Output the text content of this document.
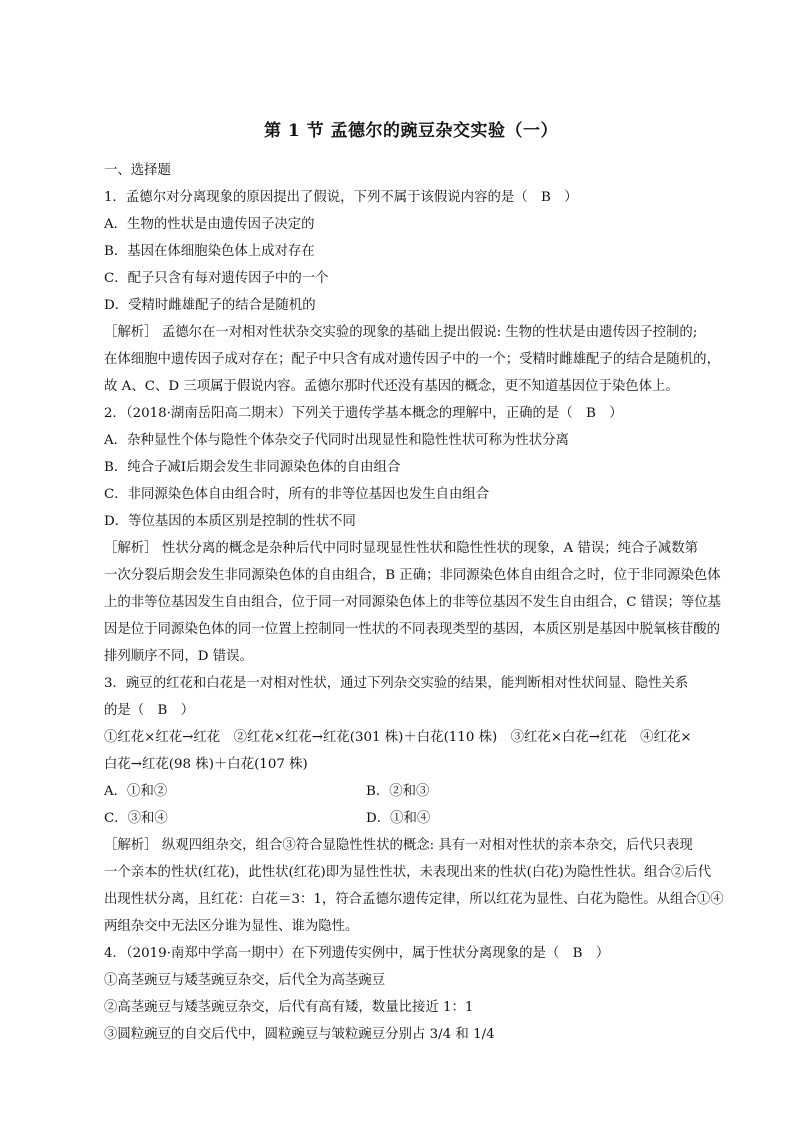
第 1 节 孟德尔的豌豆杂交实验（一）
一、选择题
1．孟德尔对分离现象的原因提出了假说，下列不属于该假说内容的是（　B　）
A．生物的性状是由遗传因子决定的
B．基因在体细胞染色体上成对存在
C．配子只含有每对遗传因子中的一个
D．受精时雌雄配子的结合是随机的
［解析］ 孟德尔在一对相对性状杂交实验的现象的基础上提出假说: 生物的性状是由遗传因子控制的;
在体细胞中遗传因子成对存在；配子中只含有成对遗传因子中的一个；受精时雌雄配子的结合是随机的，
故 A、C、D 三项属于假说内容。孟德尔那时代还没有基因的概念，更不知道基因位于染色体上。
2．（2018·湖南岳阳高二期末）下列关于遗传学基本概念的理解中，正确的是（　B　）
A．杂种显性个体与隐性个体杂交子代同时出现显性和隐性性状可称为性状分离
B．纯合子减Ⅰ后期会发生非同源染色体的自由组合
C．非同源染色体自由组合时，所有的非等位基因也发生自由组合
D．等位基因的本质区别是控制的性状不同
［解析］ 性状分离的概念是杂种后代中同时显现显性性状和隐性性状的现象，A 错误；纯合子减数第
一次分裂后期会发生非同源染色体的自由组合，B 正确；非同源染色体自由组合之时，位于非同源染色体
上的非等位基因发生自由组合，位于同一对同源染色体上的非等位基因不发生自由组合，C 错误；等位基
因是位于同源染色体的同一位置上控制同一性状的不同表现类型的基因，本质区别是基因中脱氧核苷酸的
排列顺序不同，D 错误。
3．豌豆的红花和白花是一对相对性状，通过下列杂交实验的结果，能判断相对性状间显、隐性关系
的是（　B　）
①红花×红花→红花　②红花×红花→红花(301 株)＋白花(110 株)　③红花×白花→红花　④红花×
白花→红花(98 株)＋白花(107 株)
A．①和②	B．②和③
C．③和④	D．①和④
［解析］ 纵观四组杂交，组合③符合显隐性性状的概念: 具有一对相对性状的亲本杂交，后代只表现
一个亲本的性状(红花)，此性状(红花)即为显性性状，未表现出来的性状(白花)为隐性性状。组合②后代
出现性状分离，且红花：白花＝3：1，符合孟德尔遗传定律，所以红花为显性、白花为隐性。从组合①④
两组杂交中无法区分谁为显性、谁为隐性。
4．（2019·南郑中学高一期中）在下列遗传实例中，属于性状分离现象的是（　B　）
①高茎豌豆与矮茎豌豆杂交，后代全为高茎豌豆
②高茎豌豆与矮茎豌豆杂交，后代有高有矮，数量比接近 1：1
③圆粒豌豆的自交后代中，圆粒豌豆与皱粒豌豆分别占 3/4 和 1/4
